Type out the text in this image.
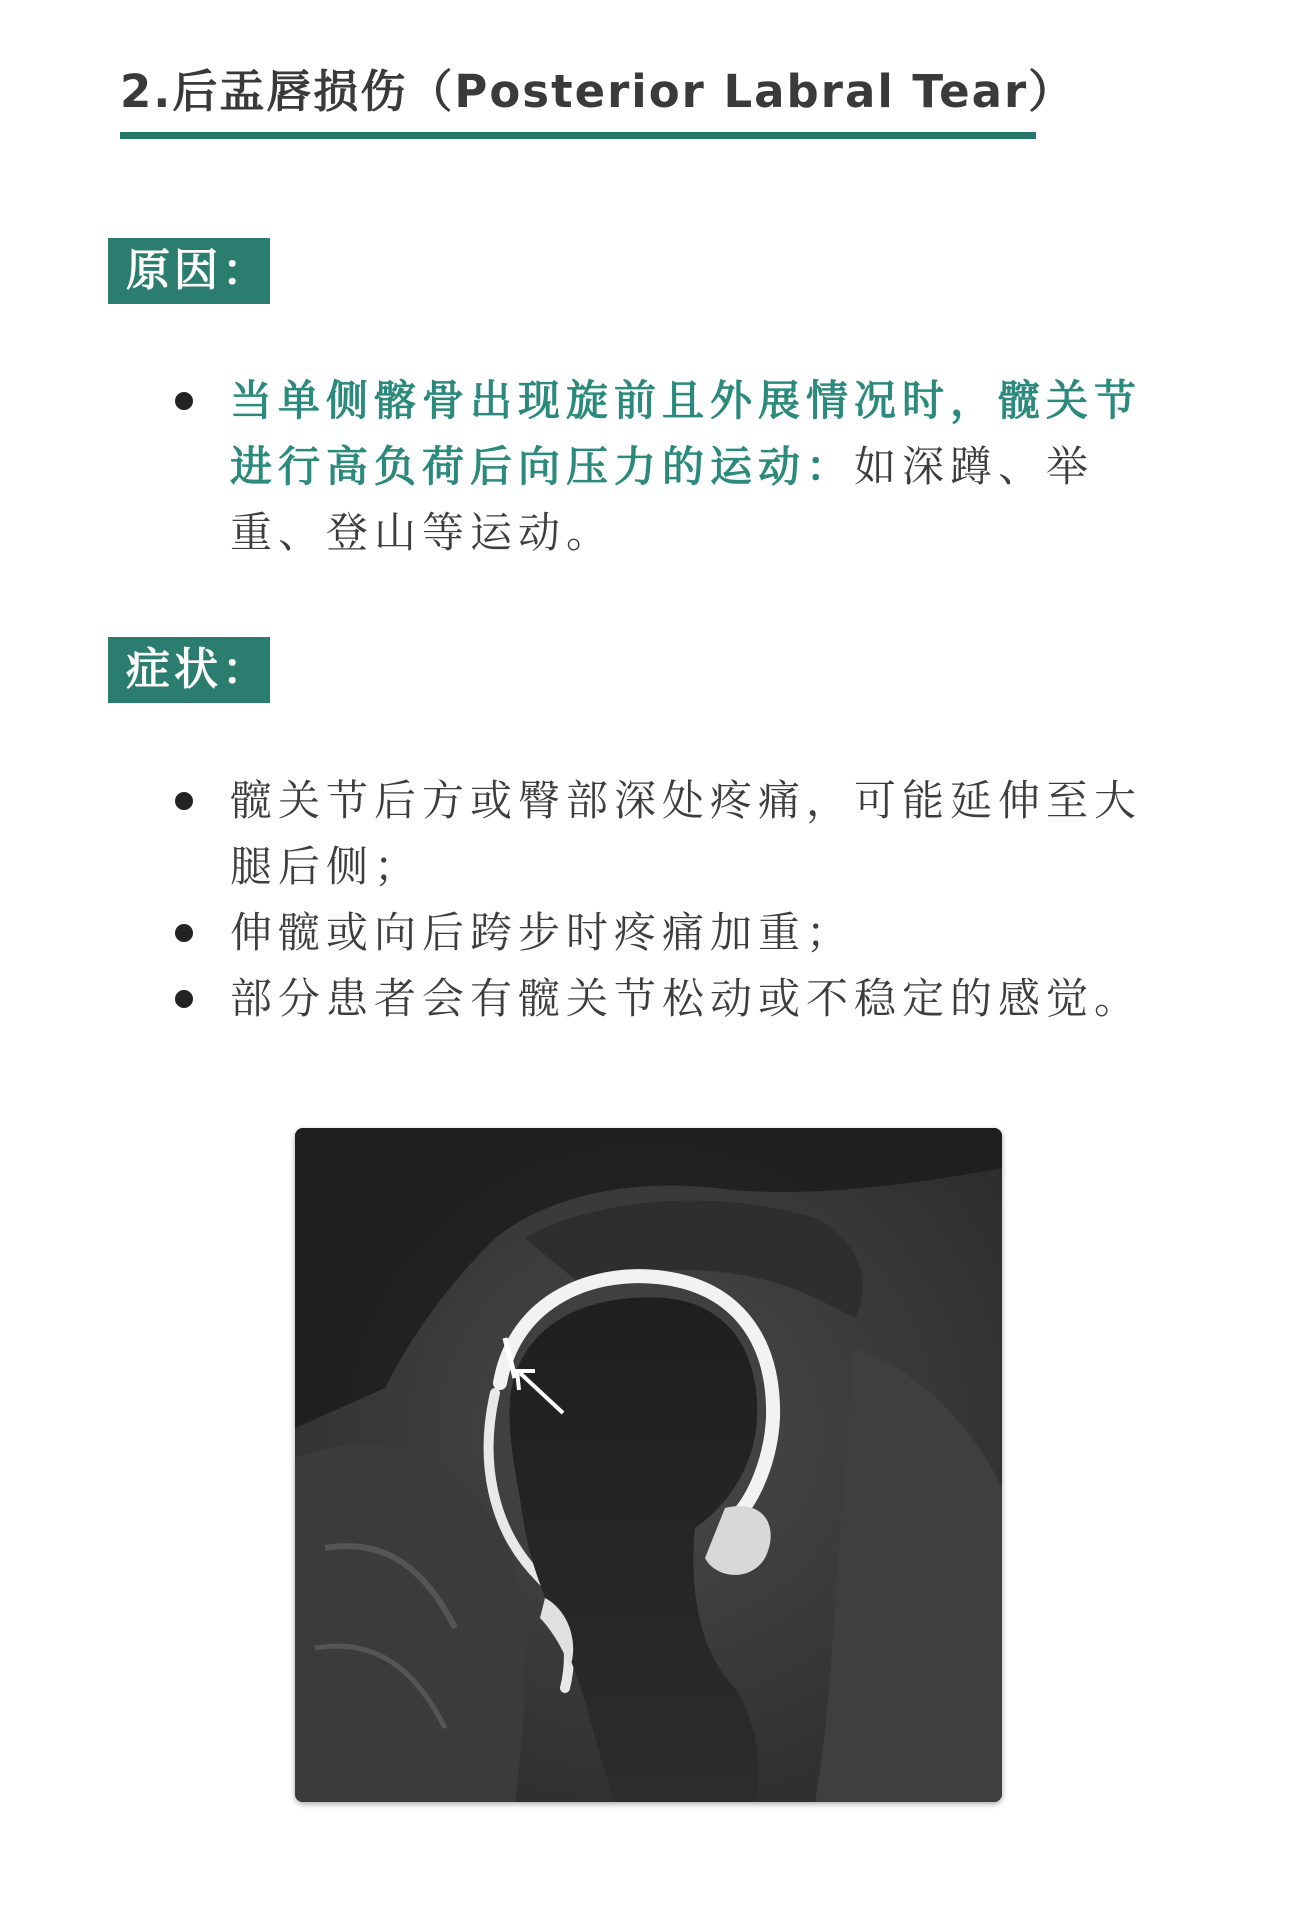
2.后盂唇损伤（Posterior Labral Tear）
原因：
当单侧髂骨出现旋前且外展情况时，髋关节进行高负荷后向压力的运动：如深蹲、举重、登山等运动。
症状：
髋关节后方或臀部深处疼痛，可能延伸至大腿后侧；
伸髋或向后跨步时疼痛加重；
部分患者会有髋关节松动或不稳定的感觉。
